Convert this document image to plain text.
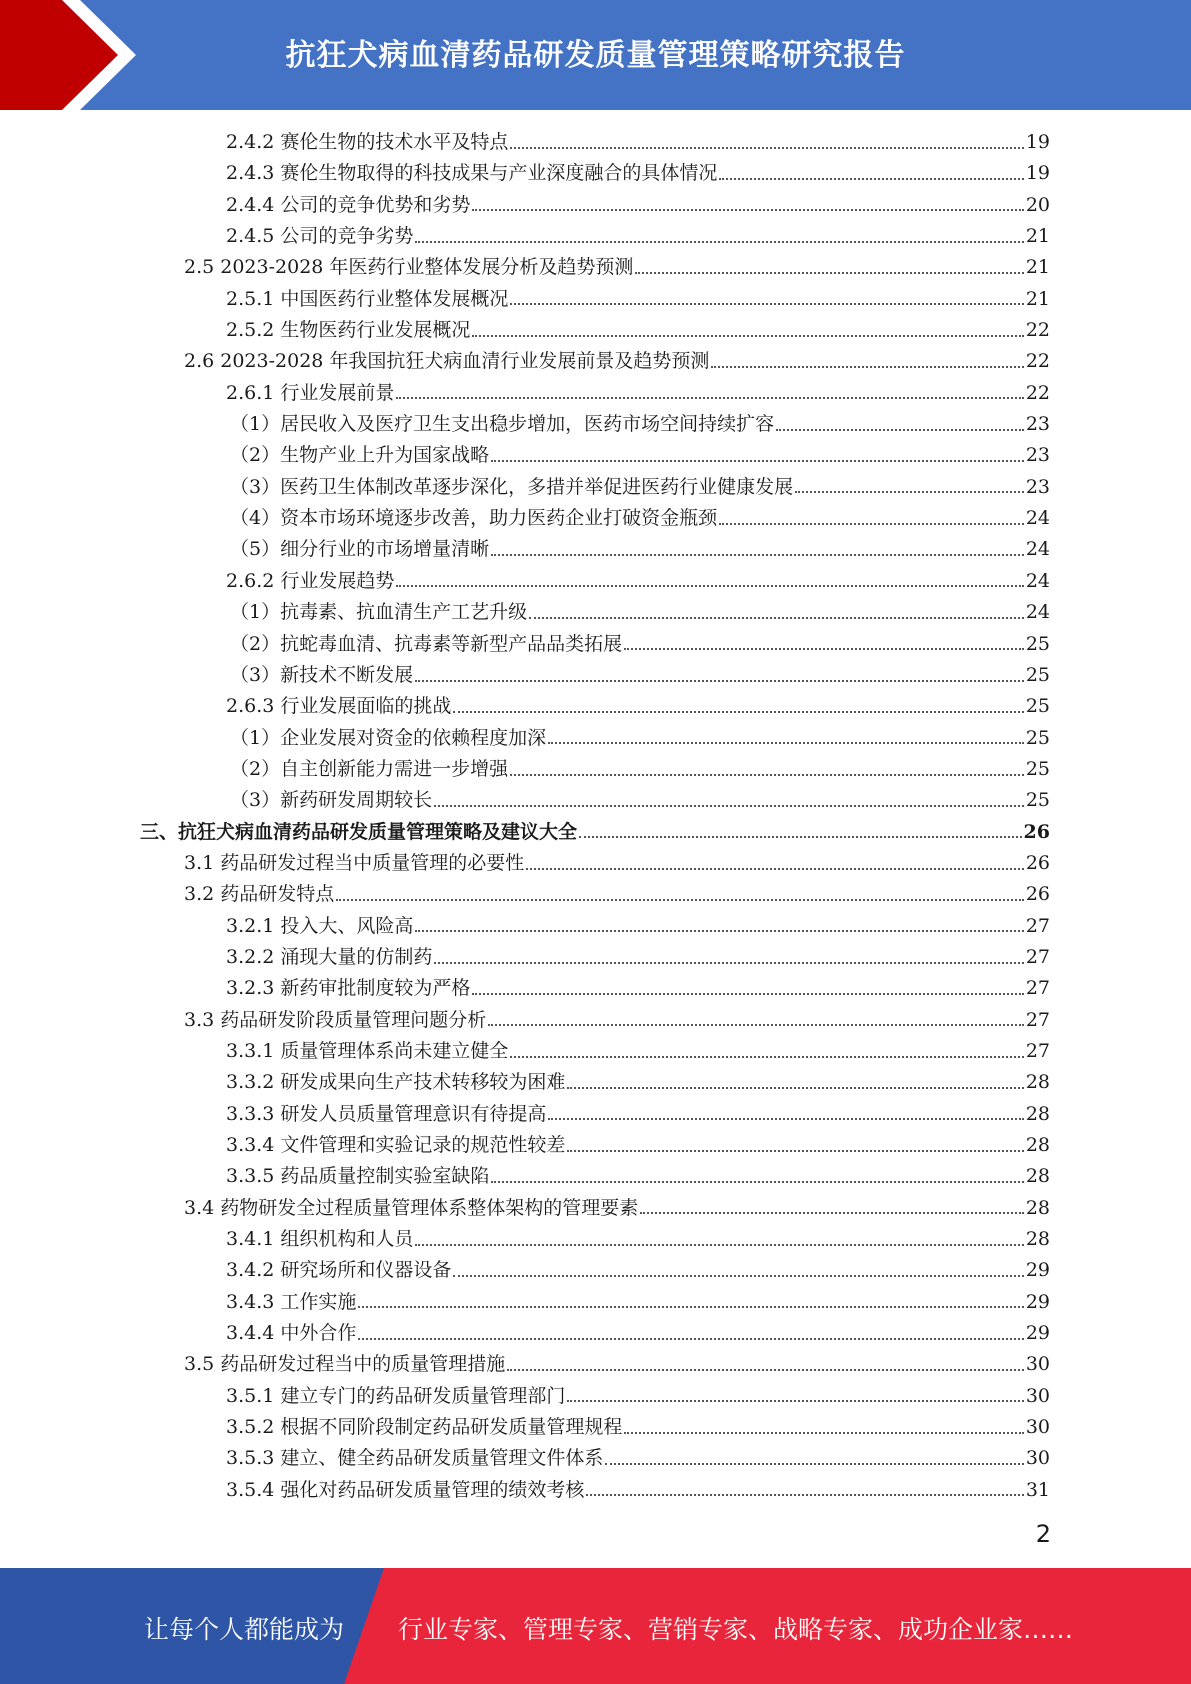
抗狂犬病血清药品研发质量管理策略研究报告
2.4.2 赛伦生物的技术水平及特点	19
2.4.3 赛伦生物取得的科技成果与产业深度融合的具体情况	19
2.4.4 公司的竞争优势和劣势	20
2.4.5 公司的竞争劣势	21
2.5 2023-2028 年医药行业整体发展分析及趋势预测	21
2.5.1 中国医药行业整体发展概况	21
2.5.2 生物医药行业发展概况	22
2.6 2023-2028 年我国抗狂犬病血清行业发展前景及趋势预测	22
2.6.1 行业发展前景	22
（1）居民收入及医疗卫生支出稳步增加，医药市场空间持续扩容	23
（2）生物产业上升为国家战略	23
（3）医药卫生体制改革逐步深化，多措并举促进医药行业健康发展	23
（4）资本市场环境逐步改善，助力医药企业打破资金瓶颈	24
（5）细分行业的市场增量清晰	24
2.6.2 行业发展趋势	24
（1）抗毒素、抗血清生产工艺升级	24
（2）抗蛇毒血清、抗毒素等新型产品品类拓展	25
（3）新技术不断发展	25
2.6.3 行业发展面临的挑战	25
（1）企业发展对资金的依赖程度加深	25
（2）自主创新能力需进一步增强	25
（3）新药研发周期较长	25
三、抗狂犬病血清药品研发质量管理策略及建议大全	26
3.1 药品研发过程当中质量管理的必要性	26
3.2 药品研发特点	26
3.2.1 投入大、风险高	27
3.2.2 涌现大量的仿制药	27
3.2.3 新药审批制度较为严格	27
3.3 药品研发阶段质量管理问题分析	27
3.3.1 质量管理体系尚未建立健全	27
3.3.2 研发成果向生产技术转移较为困难	28
3.3.3 研发人员质量管理意识有待提高	28
3.3.4 文件管理和实验记录的规范性较差	28
3.3.5 药品质量控制实验室缺陷	28
3.4 药物研发全过程质量管理体系整体架构的管理要素	28
3.4.1 组织机构和人员	28
3.4.2 研究场所和仪器设备	29
3.4.3 工作实施	29
3.4.4 中外合作	29
3.5 药品研发过程当中的质量管理措施	30
3.5.1 建立专门的药品研发质量管理部门	30
3.5.2 根据不同阶段制定药品研发质量管理规程	30
3.5.3 建立、健全药品研发质量管理文件体系	30
3.5.4 强化对药品研发质量管理的绩效考核	31
2
让每个人都能成为 行业专家、管理专家、营销专家、战略专家、成功企业家……
